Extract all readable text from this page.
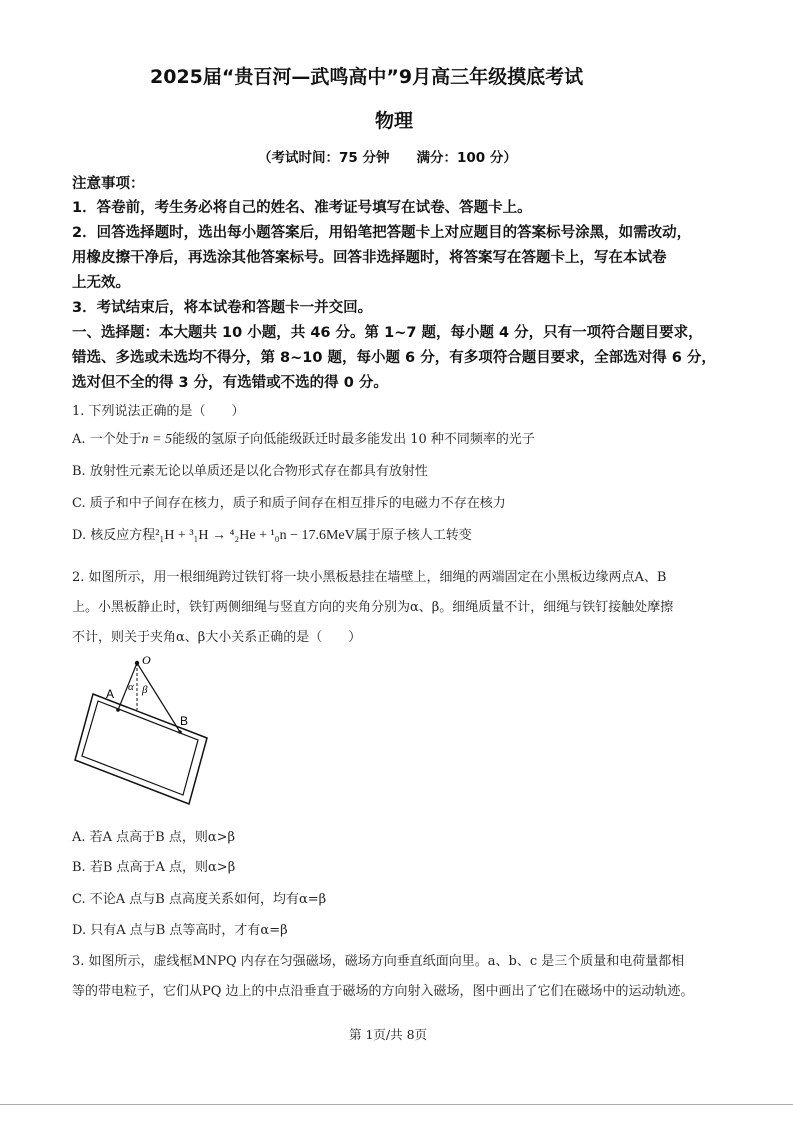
2025届“贵百河—武鸣高中”9月高三年级摸底考试
物理
（考试时间：75 分钟　　满分：100 分）
注意事项：
1．答卷前，考生务必将自己的姓名、准考证号填写在试卷、答题卡上。
2．回答选择题时，选出每小题答案后，用铅笔把答题卡上对应题目的答案标号涂黑，如需改动，
用橡皮擦干净后，再选涂其他答案标号。回答非选择题时，将答案写在答题卡上，写在本试卷
上无效。
3．考试结束后，将本试卷和答题卡一并交回。
一、选择题：本大题共 10 小题，共 46 分。第 1~7 题，每小题 4 分，只有一项符合题目要求，
错选、多选或未选均不得分，第 8~10 题，每小题 6 分，有多项符合题目要求，全部选对得 6 分，
选对但不全的得 3 分，有选错或不选的得 0 分。
1. 下列说法正确的是（　　）
A. 一个处于n = 5能级的氢原子向低能级跃迁时最多能发出 10 种不同频率的光子
B. 放射性元素无论以单质还是以化合物形式存在都具有放射性
C. 质子和中子间存在核力，质子和质子间存在相互排斥的电磁力不存在核力
D. 核反应方程²₁H + ³₁H → ⁴₂He + ¹₀n − 17.6MeV属于原子核人工转变
2. 如图所示，用一根细绳跨过铁钉将一块小黑板悬挂在墙壁上，细绳的两端固定在小黑板边缘两点A、B
上。小黑板静止时，铁钉两侧细绳与竖直方向的夹角分别为α、β。细绳质量不计，细绳与铁钉接触处摩擦
不计，则关于夹角α、β大小关系正确的是（　　）
O
α β
A
B
A. 若A 点高于B 点，则α>β
B. 若B 点高于A 点，则α>β
C. 不论A 点与B 点高度关系如何，均有α=β
D. 只有A 点与B 点等高时，才有α=β
3. 如图所示，虚线框MNPQ 内存在匀强磁场，磁场方向垂直纸面向里。a、b、c 是三个质量和电荷量都相
等的带电粒子，它们从PQ 边上的中点沿垂直于磁场的方向射入磁场，图中画出了它们在磁场中的运动轨迹。
第 1页/共 8页
